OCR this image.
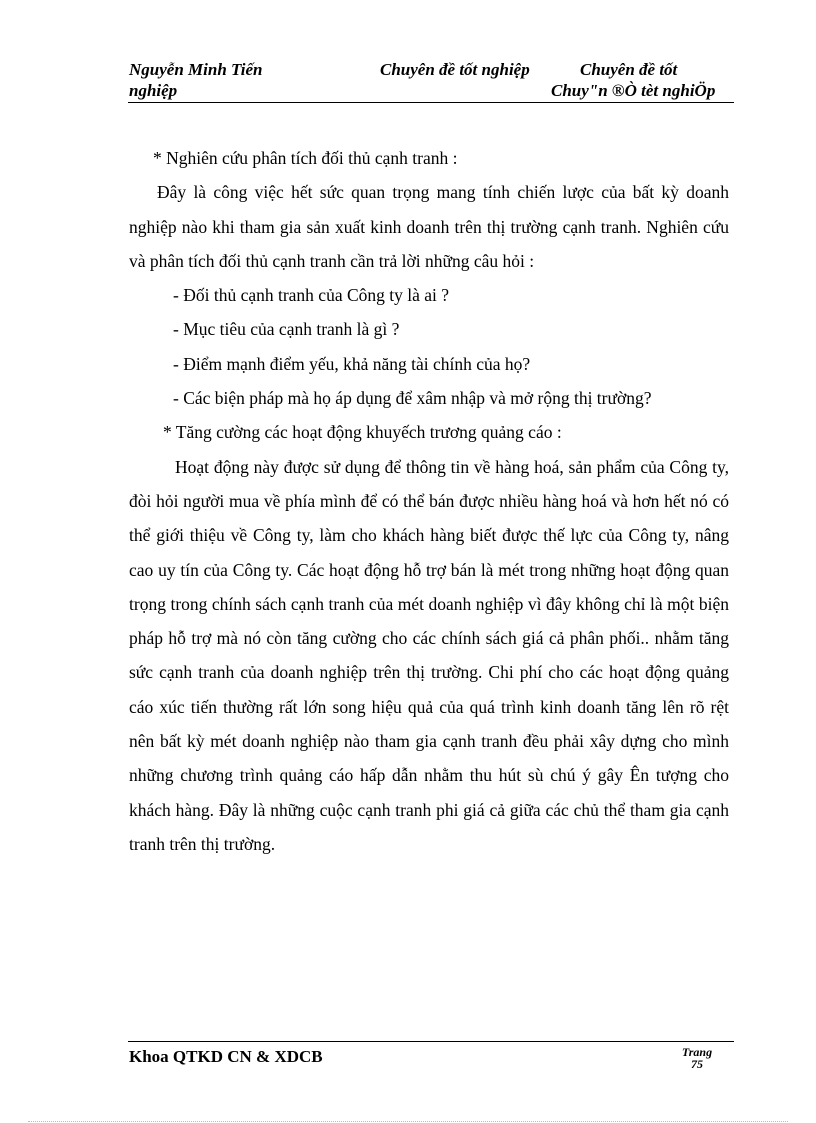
Nguyễn Minh Tiến	Chuyên đề tốt nghiệp	Chuyên đề tốt
nghiệp	Chuy"n ®Ò tèt nghiÖp

* Nghiên cứu phân tích đối thủ cạnh tranh :

Đây là công việc hết sức quan trọng mang tính chiến lược của bất kỳ doanh nghiệp nào khi tham gia sản xuất kinh doanh trên thị trường cạnh tranh. Nghiên cứu và phân tích đối thủ cạnh tranh cần trả lời những câu hỏi :

- Đối thủ cạnh tranh của Công ty là ai ?

- Mục tiêu của cạnh tranh là gì ?

- Điểm mạnh điểm yếu, khả năng tài chính của họ?

- Các biện pháp mà họ áp dụng để xâm nhập và mở rộng thị trường?

* Tăng cường các hoạt động khuyếch trương quảng cáo :

Hoạt động này được sử dụng để thông tin về hàng hoá, sản phẩm của Công ty, đòi hỏi người mua về phía mình để có thể bán được nhiều hàng hoá và hơn hết nó có thể giới thiệu về Công ty, làm cho khách hàng biết được thế lực của Công ty, nâng cao uy tín của Công ty. Các hoạt động hỗ trợ bán là mét trong những hoạt động quan trọng trong chính sách cạnh tranh của mét doanh nghiệp vì đây không chỉ là một biện pháp hỗ trợ mà nó còn tăng cường cho các chính sách giá cả phân phối.. nhằm tăng sức cạnh tranh của doanh nghiệp trên thị trường. Chi phí cho các hoạt động quảng cáo xúc tiến thường rất lớn song hiệu quả của quá trình kinh doanh tăng lên rõ rệt nên bất kỳ mét doanh nghiệp nào tham gia cạnh tranh đều phải xây dựng cho mình những chương trình quảng cáo hấp dẫn nhằm thu hút sù chú ý gây Ên tượng cho khách hàng. Đây là những cuộc cạnh tranh phi giá cả giữa các chủ thể tham gia cạnh tranh trên thị trường.

Khoa QTKD CN & XDCB	Trang
75
